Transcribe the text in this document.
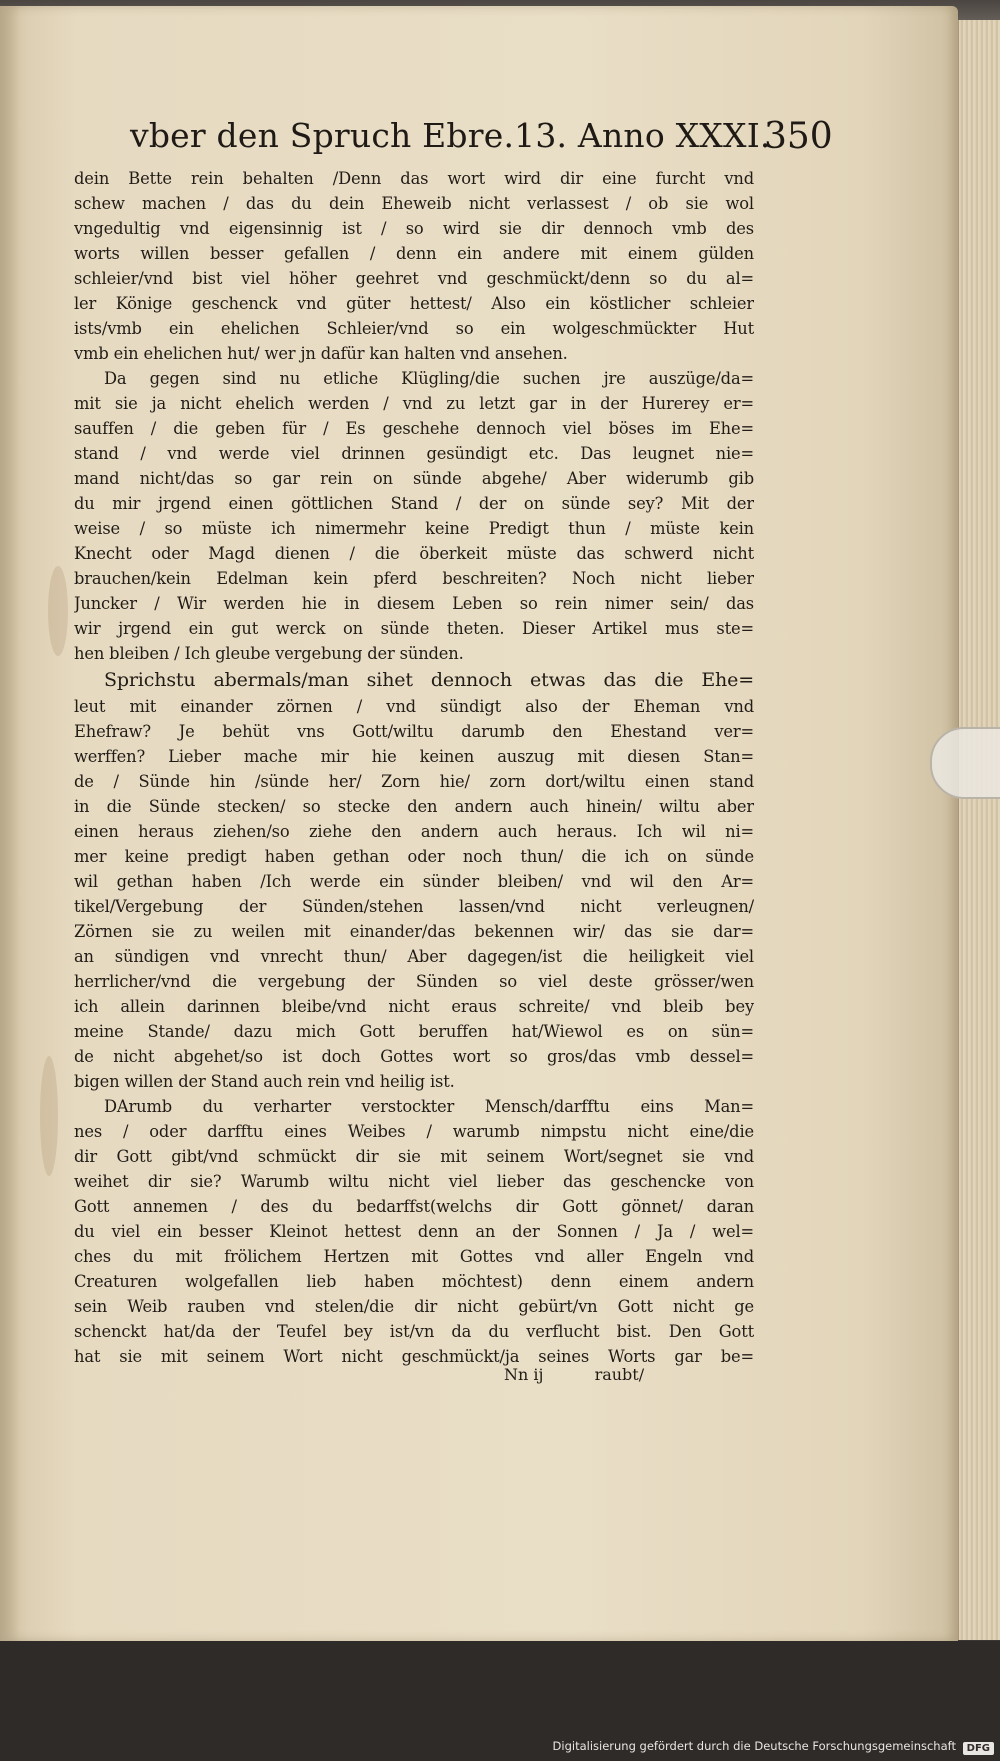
vber den Spruch Ebre.13. Anno XXXI.
350
dein Bette rein behalten /Denn das wort wird dir eine furcht vnd
schew machen / das du dein Eheweib nicht verlassest / ob sie wol
vngedultig vnd eigensinnig ist / so wird sie dir dennoch vmb des
worts willen besser gefallen / denn ein andere mit einem gülden
schleier/vnd bist viel höher geehret vnd geschmückt/denn so du al=
ler Könige geschenck vnd güter hettest/ Also ein köstlicher schleier
ists/vmb ein ehelichen Schleier/vnd so ein wolgeschmückter Hut
vmb ein ehelichen hut/ wer jn dafür kan halten vnd ansehen.
Da gegen sind nu etliche Klügling/die suchen jre auszüge/da=
mit sie ja nicht ehelich werden / vnd zu letzt gar in der Hurerey er=
sauffen / die geben für / Es geschehe dennoch viel böses im Ehe=
stand / vnd werde viel drinnen gesündigt etc. Das leugnet nie=
mand nicht/das so gar rein on sünde abgehe/ Aber widerumb gib
du mir jrgend einen göttlichen Stand / der on sünde sey? Mit der
weise / so müste ich nimermehr keine Predigt thun / müste kein
Knecht oder Magd dienen / die öberkeit müste das schwerd nicht
brauchen/kein Edelman kein pferd beschreiten? Noch nicht lieber
Juncker / Wir werden hie in diesem Leben so rein nimer sein/ das
wir jrgend ein gut werck on sünde theten. Dieser Artikel mus ste=
hen bleiben / Ich gleube vergebung der sünden.
Sprichstu abermals/man sihet dennoch etwas das die Ehe=
leut mit einander zörnen / vnd sündigt also der Eheman vnd
Ehefraw? Je behüt vns Gott/wiltu darumb den Ehestand ver=
werffen? Lieber mache mir hie keinen auszug mit diesen Stan=
de / Sünde hin /sünde her/ Zorn hie/ zorn dort/wiltu einen stand
in die Sünde stecken/ so stecke den andern auch hinein/ wiltu aber
einen heraus ziehen/so ziehe den andern auch heraus. Ich wil ni=
mer keine predigt haben gethan oder noch thun/ die ich on sünde
wil gethan haben /Ich werde ein sünder bleiben/ vnd wil den Ar=
tikel/Vergebung der Sünden/stehen lassen/vnd nicht verleugnen/
Zörnen sie zu weilen mit einander/das bekennen wir/ das sie dar=
an sündigen vnd vnrecht thun/ Aber dagegen/ist die heiligkeit viel
herrlicher/vnd die vergebung der Sünden so viel deste grösser/wen
ich allein darinnen bleibe/vnd nicht eraus schreite/ vnd bleib bey
meine Stande/ dazu mich Gott beruffen hat/Wiewol es on sün=
de nicht abgehet/so ist doch Gottes wort so gros/das vmb dessel=
bigen willen der Stand auch rein vnd heilig ist.
DArumb du verharter verstockter Mensch/darfftu eins Man=
nes / oder darfftu eines Weibes / warumb nimpstu nicht eine/die
dir Gott gibt/vnd schmückt dir sie mit seinem Wort/segnet sie vnd
weihet dir sie? Warumb wiltu nicht viel lieber das geschencke von
Gott annemen / des du bedarffst(welchs dir Gott gönnet/ daran
du viel ein besser Kleinot hettest denn an der Sonnen / Ja / wel=
ches du mit frölichem Hertzen mit Gottes vnd aller Engeln vnd
Creaturen wolgefallen lieb haben möchtest) denn einem andern
sein Weib rauben vnd stelen/die dir nicht gebürt/vn Gott nicht ge
schenckt hat/da der Teufel bey ist/vn da du verflucht bist. Den Gott
hat sie mit seinem Wort nicht geschmückt/ja seines Worts gar be=
Nn ij	raubt/
Digitalisierung gefördert durch die Deutsche Forschungsgemeinschaft	DFG
